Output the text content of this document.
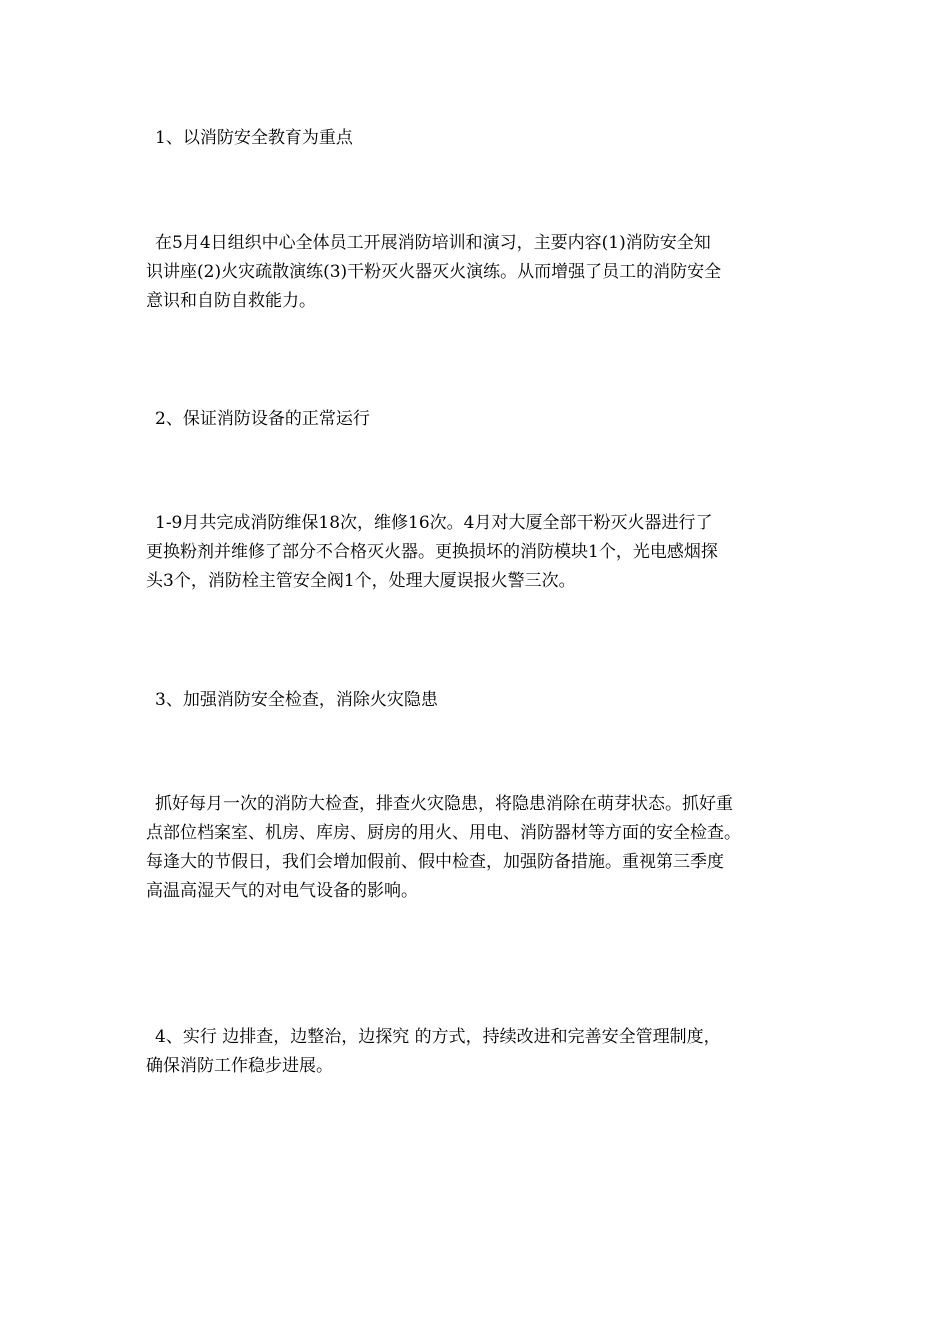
1、以消防安全教育为重点

在5月4日组织中心全体员工开展消防培训和演习，主要内容(1)消防安全知
识讲座(2)火灾疏散演练(3)干粉灭火器灭火演练。从而增强了员工的消防安全
意识和自防自救能力。

2、保证消防设备的正常运行

1-9月共完成消防维保18次，维修16次。4月对大厦全部干粉灭火器进行了
更换粉剂并维修了部分不合格灭火器。更换损坏的消防模块1个，光电感烟探
头3个，消防栓主管安全阀1个，处理大厦误报火警三次。

3、加强消防安全检查，消除火灾隐患

抓好每月一次的消防大检查，排查火灾隐患，将隐患消除在萌芽状态。抓好重
点部位档案室、机房、库房、厨房的用火、用电、消防器材等方面的安全检查。
每逢大的节假日，我们会增加假前、假中检查，加强防备措施。重视第三季度
高温高湿天气的对电气设备的影响。

4、实行 边排查，边整治，边探究 的方式，持续改进和完善安全管理制度，
确保消防工作稳步进展。
